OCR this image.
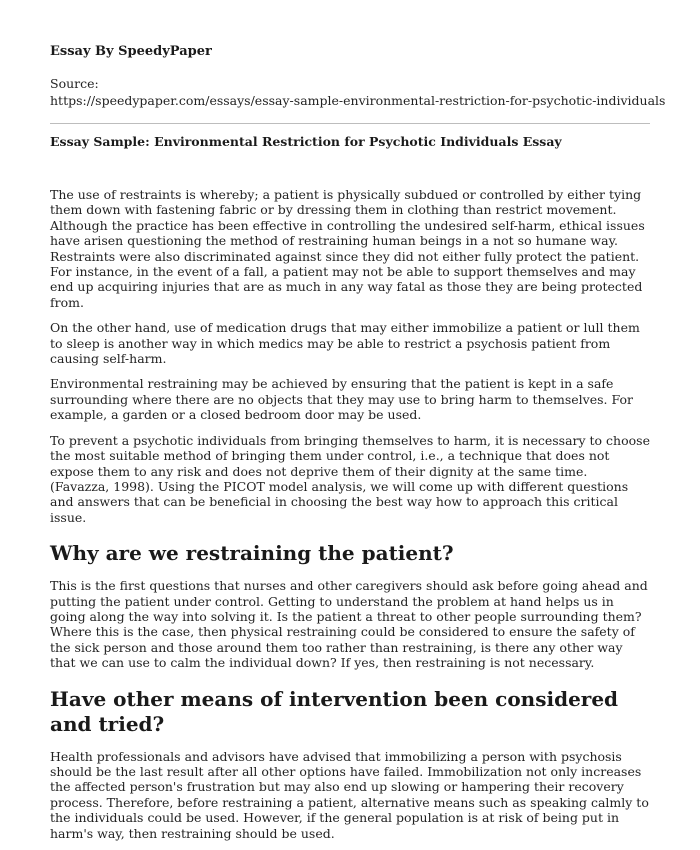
Essay By SpeedyPaper

Source:

https://speedypaper.com/essays/essay-sample-environmental-restriction-for-psychotic-individuals

Essay Sample: Environmental Restriction for Psychotic Individuals Essay

The use of restraints is whereby; a patient is physically subdued or controlled by either tying them down with fastening fabric or by dressing them in clothing than restrict movement. Although the practice has been effective in controlling the undesired self-harm, ethical issues have arisen questioning the method of restraining human beings in a not so humane way. Restraints were also discriminated against since they did not either fully protect the patient. For instance, in the event of a fall, a patient may not be able to support themselves and may end up acquiring injuries that are as much in any way fatal as those they are being protected from.

On the other hand, use of medication drugs that may either immobilize a patient or lull them to sleep is another way in which medics may be able to restrict a psychosis patient from causing self-harm.

Environmental restraining may be achieved by ensuring that the patient is kept in a safe surrounding where there are no objects that they may use to bring harm to themselves. For example, a garden or a closed bedroom door may be used.

To prevent a psychotic individuals from bringing themselves to harm, it is necessary to choose the most suitable method of bringing them under control, i.e., a technique that does not expose them to any risk and does not deprive them of their dignity at the same time. (Favazza, 1998). Using the PICOT model analysis, we will come up with different questions and answers that can be beneficial in choosing the best way how to approach this critical issue.

Why are we restraining the patient?

This is the first questions that nurses and other caregivers should ask before going ahead and putting the patient under control. Getting to understand the problem at hand helps us in going along the way into solving it. Is the patient a threat to other people surrounding them? Where this is the case, then physical restraining could be considered to ensure the safety of the sick person and those around them too rather than restraining, is there any other way that we can use to calm the individual down? If yes, then restraining is not necessary.

Have other means of intervention been considered and tried?

Health professionals and advisors have advised that immobilizing a person with psychosis should be the last result after all other options have failed. Immobilization not only increases the affected person's frustration but may also end up slowing or hampering their recovery process. Therefore, before restraining a patient, alternative means such as speaking calmly to the individuals could be used. However, if the general population is at risk of being put in harm's way, then restraining should be used.
